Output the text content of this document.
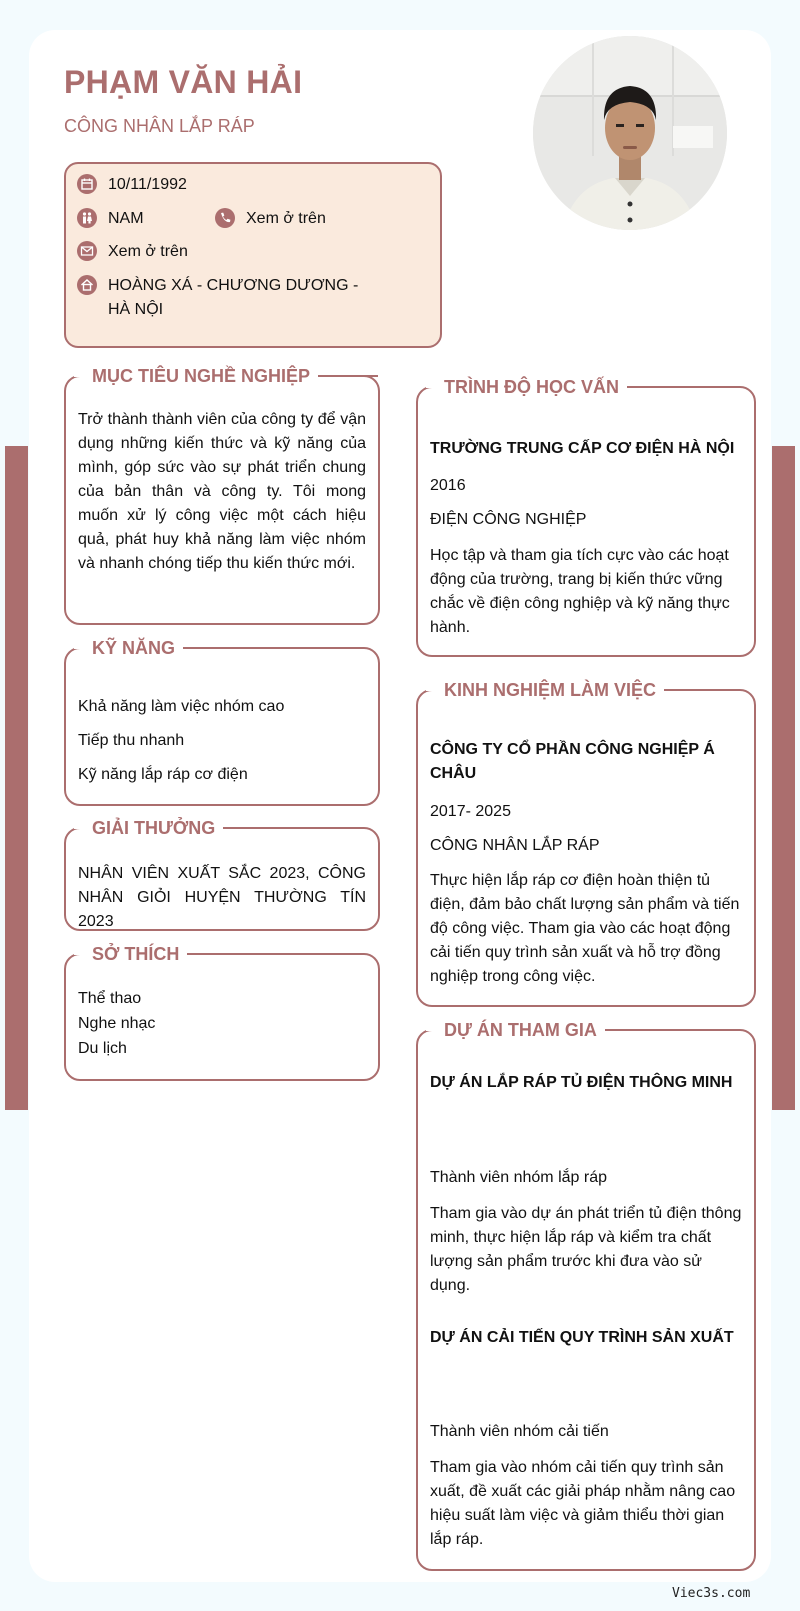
PHẠM VĂN HẢI
CÔNG NHÂN LẮP RÁP
10/11/1992
NAM	Xem ở trên
Xem ở trên
HOÀNG XÁ - CHƯƠNG DƯƠNG - HÀ NỘI
MỤC TIÊU NGHỀ NGHIỆP
Trở thành thành viên của công ty để vận dụng những kiến thức và kỹ năng của mình, góp sức vào sự phát triển chung của bản thân và công ty. Tôi mong muốn xử lý công việc một cách hiệu quả, phát huy khả năng làm việc nhóm và nhanh chóng tiếp thu kiến thức mới.
KỸ NĂNG
Khả năng làm việc nhóm cao
Tiếp thu nhanh
Kỹ năng lắp ráp cơ điện
GIẢI THƯỞNG
NHÂN VIÊN XUẤT SẮC 2023, CÔNG NHÂN GIỎI HUYỆN THƯỜNG TÍN 2023
SỞ THÍCH
Thể thao
Nghe nhạc
Du lịch
TRÌNH ĐỘ HỌC VẤN
TRƯỜNG TRUNG CẤP CƠ ĐIỆN HÀ NỘI
2016
ĐIỆN CÔNG NGHIỆP
Học tập và tham gia tích cực vào các hoạt động của trường, trang bị kiến thức vững chắc về điện công nghiệp và kỹ năng thực hành.
KINH NGHIỆM LÀM VIỆC
CÔNG TY CỔ PHẦN CÔNG NGHIỆP Á CHÂU
2017- 2025
CÔNG NHÂN LẮP RÁP
Thực hiện lắp ráp cơ điện hoàn thiện tủ điện, đảm bảo chất lượng sản phẩm và tiến độ công việc. Tham gia vào các hoạt động cải tiến quy trình sản xuất và hỗ trợ đồng nghiệp trong công việc.
DỰ ÁN THAM GIA
DỰ ÁN LẮP RÁP TỦ ĐIỆN THÔNG MINH
Thành viên nhóm lắp ráp
Tham gia vào dự án phát triển tủ điện thông minh, thực hiện lắp ráp và kiểm tra chất lượng sản phẩm trước khi đưa vào sử dụng.
DỰ ÁN CẢI TIẾN QUY TRÌNH SẢN XUẤT
Thành viên nhóm cải tiến
Tham gia vào nhóm cải tiến quy trình sản xuất, đề xuất các giải pháp nhằm nâng cao hiệu suất làm việc và giảm thiểu thời gian lắp ráp.
Viec3s.com
